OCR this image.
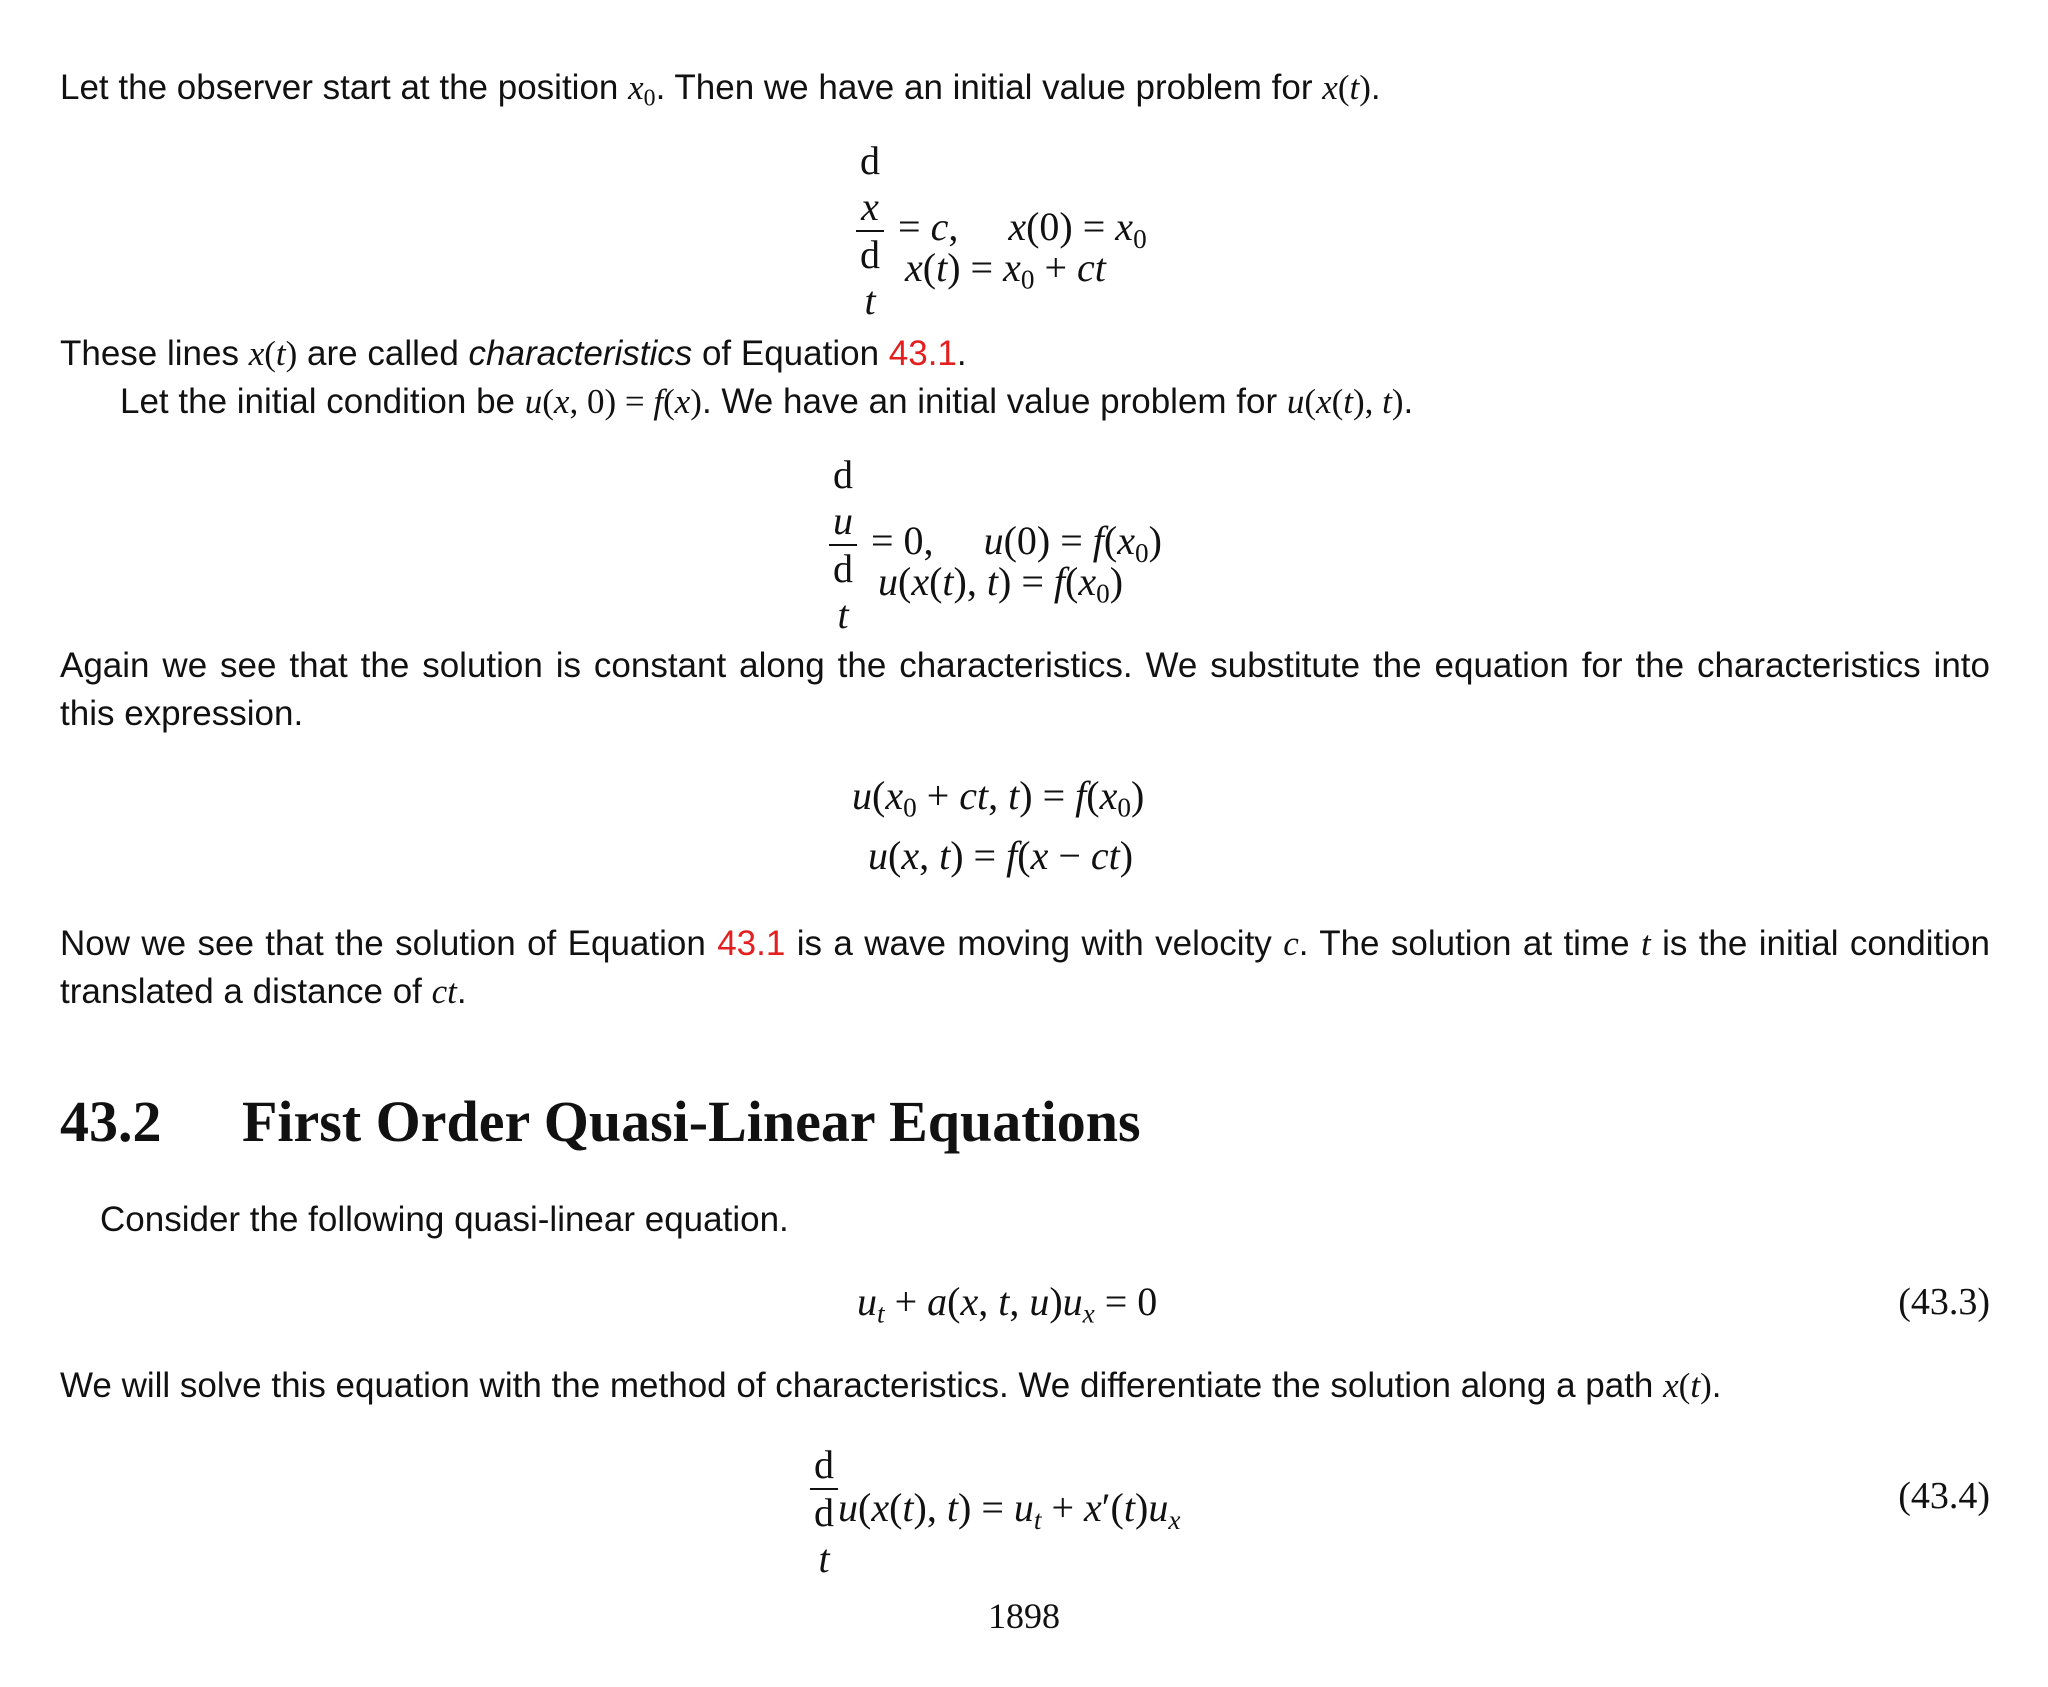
Let the observer start at the position $x_0$. Then we have an initial value problem for x(t).

d
x
d
t = c, $x(0) = x_0$
$x(t) = x_0$ + ct

These lines x(t) are called characteristics of Equation 43.1.

Let the initial condition be u(x, 0) = f(x). We have an initial value problem for u(x(t), t).

d
u
d
t = 0, $u(0) = f(x_0)$
u(x(t), $t) = f(x_0)$

Again we see that the solution is constant along the characteristics. We substitute the equation for the characteristics into this expression.

$u(x_0$ + ct, $t) = f(x_0)$
u(x, t) = f(x − ct)

Now we see that the solution of Equation 43.1 is a wave moving with velocity c. The solution at time t is the initial condition translated a distance of ct.

43.2 First Order Quasi-Linear Equations

Consider the following quasi-linear equation.

ut + a(x, t, u)ux = 0	(43.3)

We will solve this equation with the method of characteristics. We differentiate the solution along a path x(t).

d
d
t u(x(t), t) = ut + x′(t)ux
(43.4)
1898
